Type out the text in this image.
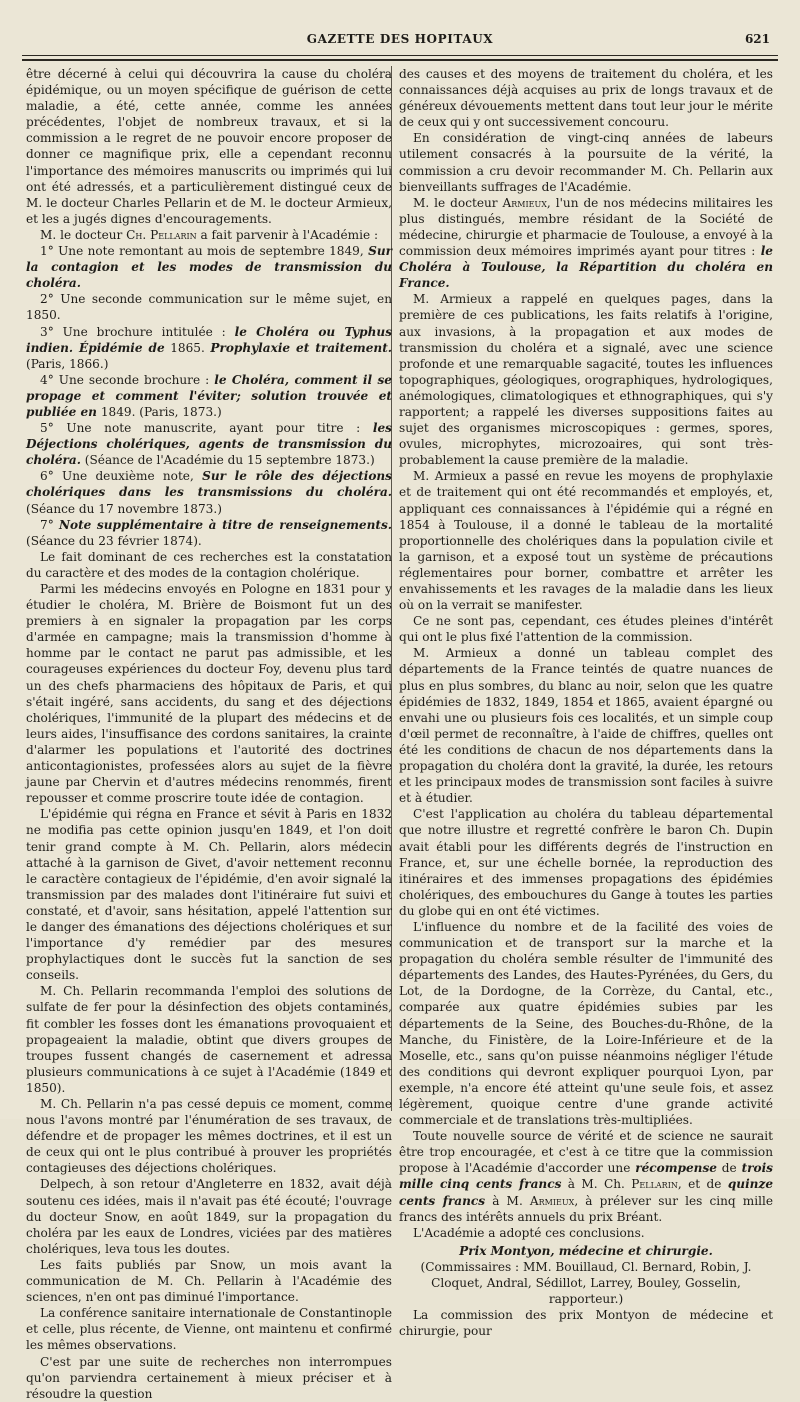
GAZETTE DES HOPITAUX	621

être décerné à celui qui découvrira la cause du choléra épidémique, ou un moyen spécifique de guérison de cette maladie, a été, cette année, comme les années précédentes, l'objet de nombreux travaux, et si la commission a le regret de ne pouvoir encore proposer de donner ce magnifique prix, elle a cependant reconnu l'importance des mémoires manuscrits ou imprimés qui lui ont été adressés, et a particulièrement distingué ceux de M. le docteur Charles Pellarin et de M. le docteur Armieux, et les a jugés dignes d'encouragements.

M. le docteur Ch. Pellarin a fait parvenir à l'Académie :

1° Une note remontant au mois de septembre 1849, Sur la contagion et les modes de transmission du choléra.

2° Une seconde communication sur le même sujet, en 1850.

3° Une brochure intitulée : le Choléra ou Typhus indien. Épidémie de 1865. Prophylaxie et traitement. (Paris, 1866.)

4° Une seconde brochure : le Choléra, comment il se propage et comment l'éviter; solution trouvée et publiée en 1849. (Paris, 1873.)

5° Une note manuscrite, ayant pour titre : les Déjections cholériques, agents de transmission du choléra. (Séance de l'Académie du 15 septembre 1873.)

6° Une deuxième note, Sur le rôle des déjections cholériques dans les transmissions du choléra. (Séance du 17 novembre 1873.)

7° Note supplémentaire à titre de renseignements. (Séance du 23 février 1874).

Le fait dominant de ces recherches est la constatation du caractère et des modes de la contagion cholérique.

Parmi les médecins envoyés en Pologne en 1831 pour y étudier le choléra, M. Brière de Boismont fut un des premiers à en signaler la propagation par les corps d'armée en campagne; mais la transmission d'homme à homme par le contact ne parut pas admissible, et les courageuses expériences du docteur Foy, devenu plus tard un des chefs pharmaciens des hôpitaux de Paris, et qui s'était ingéré, sans accidents, du sang et des déjections cholériques, l'immunité de la plupart des médecins et de leurs aides, l'insuffisance des cordons sanitaires, la crainte d'alarmer les populations et l'autorité des doctrines anticontagionistes, professées alors au sujet de la fièvre jaune par Chervin et d'autres médecins renommés, firent repousser et comme proscrire toute idée de contagion.

L'épidémie qui régna en France et sévit à Paris en 1832 ne modifia pas cette opinion jusqu'en 1849, et l'on doit tenir grand compte à M. Ch. Pellarin, alors médecin attaché à la garnison de Givet, d'avoir nettement reconnu le caractère contagieux de l'épidémie, d'en avoir signalé la transmission par des malades dont l'itinéraire fut suivi et constaté, et d'avoir, sans hésitation, appelé l'attention sur le danger des émanations des déjections cholériques et sur l'importance d'y remédier par des mesures prophylactiques dont le succès fut la sanction de ses conseils.

M. Ch. Pellarin recommanda l'emploi des solutions de sulfate de fer pour la désinfection des objets contaminés, fit combler les fosses dont les émanations provoquaient et propageaient la maladie, obtint que divers groupes de troupes fussent changés de casernement et adressa plusieurs communications à ce sujet à l'Académie (1849 et 1850).

M. Ch. Pellarin n'a pas cessé depuis ce moment, comme nous l'avons montré par l'énumération de ses travaux, de défendre et de propager les mêmes doctrines, et il est un de ceux qui ont le plus contribué à prouver les propriétés contagieuses des déjections cholériques.

Delpech, à son retour d'Angleterre en 1832, avait déjà soutenu ces idées, mais il n'avait pas été écouté; l'ouvrage du docteur Snow, en août 1849, sur la propagation du choléra par les eaux de Londres, viciées par des matières cholériques, leva tous les doutes.

Les faits publiés par Snow, un mois avant la communication de M. Ch. Pellarin à l'Académie des sciences, n'en ont pas diminué l'importance.

La conférence sanitaire internationale de Constantinople et celle, plus récente, de Vienne, ont maintenu et confirmé les mêmes observations.

C'est par une suite de recherches non interrompues qu'on parviendra certainement à mieux préciser et à résoudre la question

des causes et des moyens de traitement du choléra, et les connaissances déjà acquises au prix de longs travaux et de généreux dévouements mettent dans tout leur jour le mérite de ceux qui y ont successivement concouru.

En considération de vingt-cinq années de labeurs utilement consacrés à la poursuite de la vérité, la commission a cru devoir recommander M. Ch. Pellarin aux bienveillants suffrages de l'Académie.

M. le docteur Armieux, l'un de nos médecins militaires les plus distingués, membre résidant de la Société de médecine, chirurgie et pharmacie de Toulouse, a envoyé à la commission deux mémoires imprimés ayant pour titres : le Choléra à Toulouse, la Répartition du choléra en France.

M. Armieux a rappelé en quelques pages, dans la première de ces publications, les faits relatifs à l'origine, aux invasions, à la propagation et aux modes de transmission du choléra et a signalé, avec une science profonde et une remarquable sagacité, toutes les influences topographiques, géologiques, orographiques, hydrologiques, anémologiques, climatologiques et ethnographiques, qui s'y rapportent; a rappelé les diverses suppositions faites au sujet des organismes microscopiques : germes, spores, ovules, microphytes, microzoaires, qui sont très-probablement la cause première de la maladie.

M. Armieux a passé en revue les moyens de prophylaxie et de traitement qui ont été recommandés et employés, et, appliquant ces connaissances à l'épidémie qui a régné en 1854 à Toulouse, il a donné le tableau de la mortalité proportionnelle des cholériques dans la population civile et la garnison, et a exposé tout un système de précautions réglementaires pour borner, combattre et arrêter les envahissements et les ravages de la maladie dans les lieux où on la verrait se manifester.

Ce ne sont pas, cependant, ces études pleines d'intérêt qui ont le plus fixé l'attention de la commission.

M. Armieux a donné un tableau complet des départements de la France teintés de quatre nuances de plus en plus sombres, du blanc au noir, selon que les quatre épidémies de 1832, 1849, 1854 et 1865, avaient épargné ou envahi une ou plusieurs fois ces localités, et un simple coup d'œil permet de reconnaître, à l'aide de chiffres, quelles ont été les conditions de chacun de nos départements dans la propagation du choléra dont la gravité, la durée, les retours et les principaux modes de transmission sont faciles à suivre et à étudier.

C'est l'application au choléra du tableau départemental que notre illustre et regretté confrère le baron Ch. Dupin avait établi pour les différents degrés de l'instruction en France, et, sur une échelle bornée, la reproduction des itinéraires et des immenses propagations des épidémies cholériques, des embouchures du Gange à toutes les parties du globe qui en ont été victimes.

L'influence du nombre et de la facilité des voies de communication et de transport sur la marche et la propagation du choléra semble résulter de l'immunité des départements des Landes, des Hautes-Pyrénées, du Gers, du Lot, de la Dordogne, de la Corrèze, du Cantal, etc., comparée aux quatre épidémies subies par les départements de la Seine, des Bouches-du-Rhône, de la Manche, du Finistère, de la Loire-Inférieure et de la Moselle, etc., sans qu'on puisse néanmoins négliger l'étude des conditions qui devront expliquer pourquoi Lyon, par exemple, n'a encore été atteint qu'une seule fois, et assez légèrement, quoique centre d'une grande activité commerciale et de translations très-multipliées.

Toute nouvelle source de vérité et de science ne saurait être trop encouragée, et c'est à ce titre que la commission propose à l'Académie d'accorder une récompense de trois mille cinq cents francs à M. Ch. Pellarin, et de quinze cents francs à M. Armieux, à prélever sur les cinq mille francs des intérêts annuels du prix Bréant.

L'Académie a adopté ces conclusions.

Prix Montyon, médecine et chirurgie.

(Commissaires : MM. Bouillaud, Cl. Bernard, Robin, J. Cloquet, Andral, Sédillot, Larrey, Bouley, Gosselin, rapporteur.)

La commission des prix Montyon de médecine et chirurgie, pour
